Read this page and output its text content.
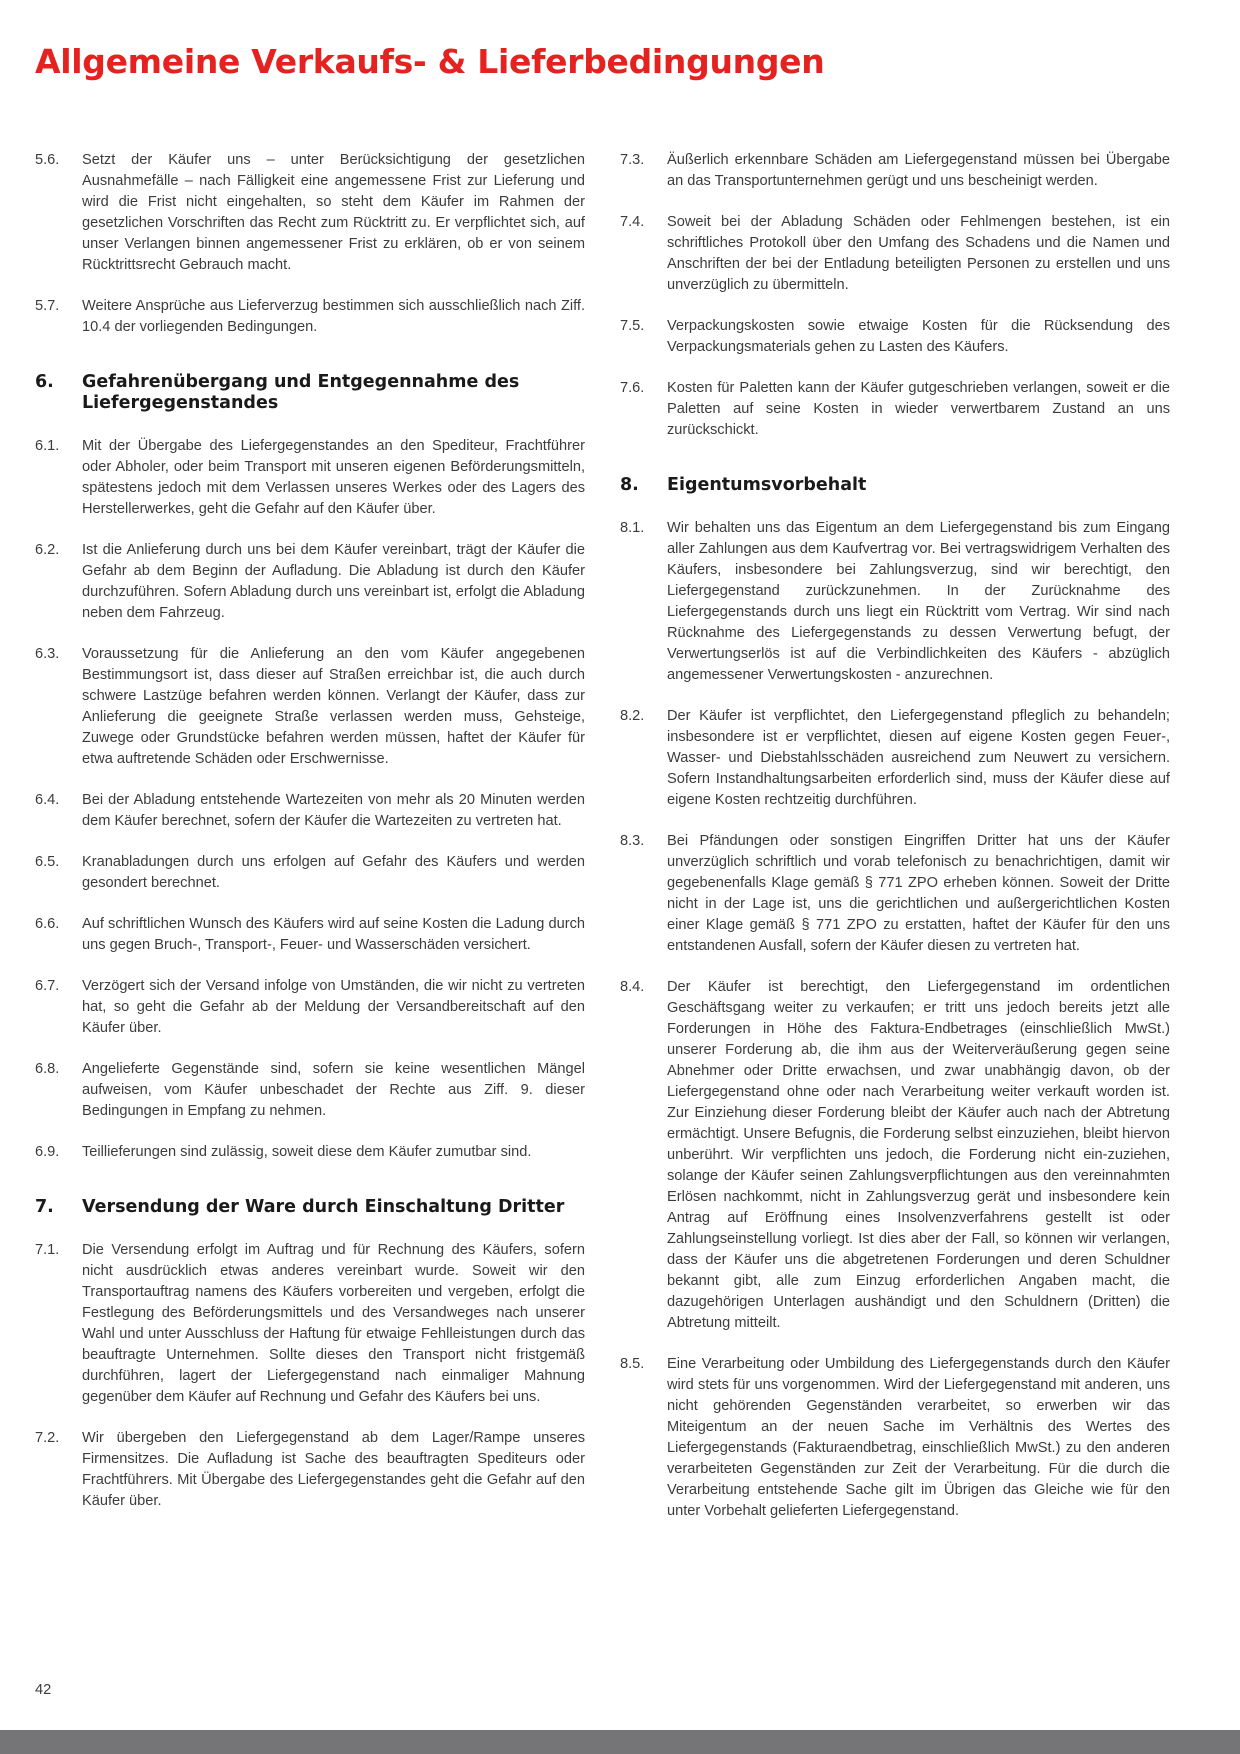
Allgemeine Verkaufs- & Lieferbedingungen
5.6.	Setzt der Käufer uns – unter Berücksichtigung der gesetzlichen Ausnahmefälle – nach Fälligkeit eine angemessene Frist zur Lieferung und wird die Frist nicht eingehalten, so steht dem Käufer im Rahmen der gesetzlichen Vorschriften das Recht zum Rücktritt zu. Er verpflichtet sich, auf unser Verlangen binnen angemessener Frist zu erklären, ob er von seinem Rücktrittsrecht Gebrauch macht.
5.7.	Weitere Ansprüche aus Lieferverzug bestimmen sich ausschließlich nach Ziff. 10.4 der vorliegenden Bedingungen.
6.	Gefahrenübergang und Entgegennahme des Liefergegenstandes
6.1.	Mit der Übergabe des Liefergegenstandes an den Spediteur, Frachtführer oder Abholer, oder beim Transport mit unseren eigenen Beförderungsmitteln, spätestens jedoch mit dem Verlassen unseres Werkes oder des Lagers des Herstellerwerkes, geht die Gefahr auf den Käufer über.
6.2.	Ist die Anlieferung durch uns bei dem Käufer vereinbart, trägt der Käufer die Gefahr ab dem Beginn der Aufladung. Die Abladung ist durch den Käufer durchzuführen. Sofern Abladung durch uns vereinbart ist, erfolgt die Abladung neben dem Fahrzeug.
6.3.	Voraussetzung für die Anlieferung an den vom Käufer angegebenen Bestimmungsort ist, dass dieser auf Straßen erreichbar ist, die auch durch schwere Lastzüge befahren werden können. Verlangt der Käufer, dass zur Anlieferung die geeignete Straße verlassen werden muss, Gehsteige, Zuwege oder Grundstücke befahren werden müssen, haftet der Käufer für etwa auftretende Schäden oder Erschwernisse.
6.4.	Bei der Abladung entstehende Wartezeiten von mehr als 20 Minuten werden dem Käufer berechnet, sofern der Käufer die Wartezeiten zu vertreten hat.
6.5.	Kranabladungen durch uns erfolgen auf Gefahr des Käufers und werden gesondert berechnet.
6.6.	Auf schriftlichen Wunsch des Käufers wird auf seine Kosten die Ladung durch uns gegen Bruch-, Transport-, Feuer- und Wasserschäden versichert.
6.7.	Verzögert sich der Versand infolge von Umständen, die wir nicht zu vertreten hat, so geht die Gefahr ab der Meldung der Versandbereitschaft auf den Käufer über.
6.8.	Angelieferte Gegenstände sind, sofern sie keine wesentlichen Mängel aufweisen, vom Käufer unbeschadet der Rechte aus Ziff. 9. dieser Bedingungen in Empfang zu nehmen.
6.9.	Teillieferungen sind zulässig, soweit diese dem Käufer zumutbar sind.
7.	Versendung der Ware durch Einschaltung Dritter
7.1.	Die Versendung erfolgt im Auftrag und für Rechnung des Käufers, sofern nicht ausdrücklich etwas anderes vereinbart wurde. Soweit wir den Transportauftrag namens des Käufers vorbereiten und vergeben, erfolgt die Festlegung des Beförderungsmittels und des Versandweges nach unserer Wahl und unter Ausschluss der Haftung für etwaige Fehlleistungen durch das beauftragte Unternehmen. Sollte dieses den Transport nicht fristgemäß durchführen, lagert der Liefergegenstand nach einmaliger Mahnung gegenüber dem Käufer auf Rechnung und Gefahr des Käufers bei uns.
7.2.	Wir übergeben den Liefergegenstand ab dem Lager/Rampe unseres Firmensitzes. Die Aufladung ist Sache des beauftragten Spediteurs oder Frachtführers. Mit Übergabe des Liefergegenstandes geht die Gefahr auf den Käufer über.
7.3.	Äußerlich erkennbare Schäden am Liefergegenstand müssen bei Übergabe an das Transportunternehmen gerügt und uns bescheinigt werden.
7.4.	Soweit bei der Abladung Schäden oder Fehlmengen bestehen, ist ein schriftliches Protokoll über den Umfang des Schadens und die Namen und Anschriften der bei der Entladung beteiligten Personen zu erstellen und uns unverzüglich zu übermitteln.
7.5.	Verpackungskosten sowie etwaige Kosten für die Rücksendung des Verpackungsmaterials gehen zu Lasten des Käufers.
7.6.	Kosten für Paletten kann der Käufer gutgeschrieben verlangen, soweit er die Paletten auf seine Kosten in wieder verwertbarem Zustand an uns zurückschickt.
8.	Eigentumsvorbehalt
8.1.	Wir behalten uns das Eigentum an dem Liefergegenstand bis zum Eingang aller Zahlungen aus dem Kaufvertrag vor. Bei vertragswidrigem Verhalten des Käufers, insbesondere bei Zahlungsverzug, sind wir berechtigt, den Liefergegenstand zurückzunehmen. In der Zurücknahme des Liefergegenstands durch uns liegt ein Rücktritt vom Vertrag. Wir sind nach Rücknahme des Liefergegenstands zu dessen Verwertung befugt, der Verwertungserlös ist auf die Verbindlichkeiten des Käufers - abzüglich angemessener Verwertungskosten - anzurechnen.
8.2.	Der Käufer ist verpflichtet, den Liefergegenstand pfleglich zu behandeln; insbesondere ist er verpflichtet, diesen auf eigene Kosten gegen Feuer-, Wasser- und Diebstahlsschäden ausreichend zum Neuwert zu versichern. Sofern Instandhaltungsarbeiten erforderlich sind, muss der Käufer diese auf eigene Kosten rechtzeitig durchführen.
8.3.	Bei Pfändungen oder sonstigen Eingriffen Dritter hat uns der Käufer unverzüglich schriftlich und vorab telefonisch zu benachrichtigen, damit wir gegebenenfalls Klage gemäß § 771 ZPO erheben können. Soweit der Dritte nicht in der Lage ist, uns die gerichtlichen und außergerichtlichen Kosten einer Klage gemäß § 771 ZPO zu erstatten, haftet der Käufer für den uns entstandenen Ausfall, sofern der Käufer diesen zu vertreten hat.
8.4.	Der Käufer ist berechtigt, den Liefergegenstand im ordentlichen Geschäftsgang weiter zu verkaufen; er tritt uns jedoch bereits jetzt alle Forderungen in Höhe des Faktura-Endbetrages (einschließlich MwSt.) unserer Forderung ab, die ihm aus der Weiterveräußerung gegen seine Abnehmer oder Dritte erwachsen, und zwar unabhängig davon, ob der Liefergegenstand ohne oder nach Verarbeitung weiter verkauft worden ist. Zur Einziehung dieser Forderung bleibt der Käufer auch nach der Abtretung ermächtigt. Unsere Befugnis, die Forderung selbst einzuziehen, bleibt hiervon unberührt. Wir verpflichten uns jedoch, die Forderung nicht ein-zuziehen, solange der Käufer seinen Zahlungsverpflichtungen aus den vereinnahmten Erlösen nachkommt, nicht in Zahlungsverzug gerät und insbesondere kein Antrag auf Eröffnung eines Insolvenzverfahrens gestellt ist oder Zahlungseinstellung vorliegt. Ist dies aber der Fall, so können wir verlangen, dass der Käufer uns die abgetretenen Forderungen und deren Schuldner bekannt gibt, alle zum Einzug erforderlichen Angaben macht, die dazugehörigen Unterlagen aushändigt und den Schuldnern (Dritten) die Abtretung mitteilt.
8.5.	Eine Verarbeitung oder Umbildung des Liefergegenstands durch den Käufer wird stets für uns vorgenommen. Wird der Liefergegenstand mit anderen, uns nicht gehörenden Gegenständen verarbeitet, so erwerben wir das Miteigentum an der neuen Sache im Verhältnis des Wertes des Liefergegenstands (Fakturaendbetrag, einschließlich MwSt.) zu den anderen verarbeiteten Gegenständen zur Zeit der Verarbeitung. Für die durch die Verarbeitung entstehende Sache gilt im Übrigen das Gleiche wie für den unter Vorbehalt gelieferten Liefergegenstand.
42
